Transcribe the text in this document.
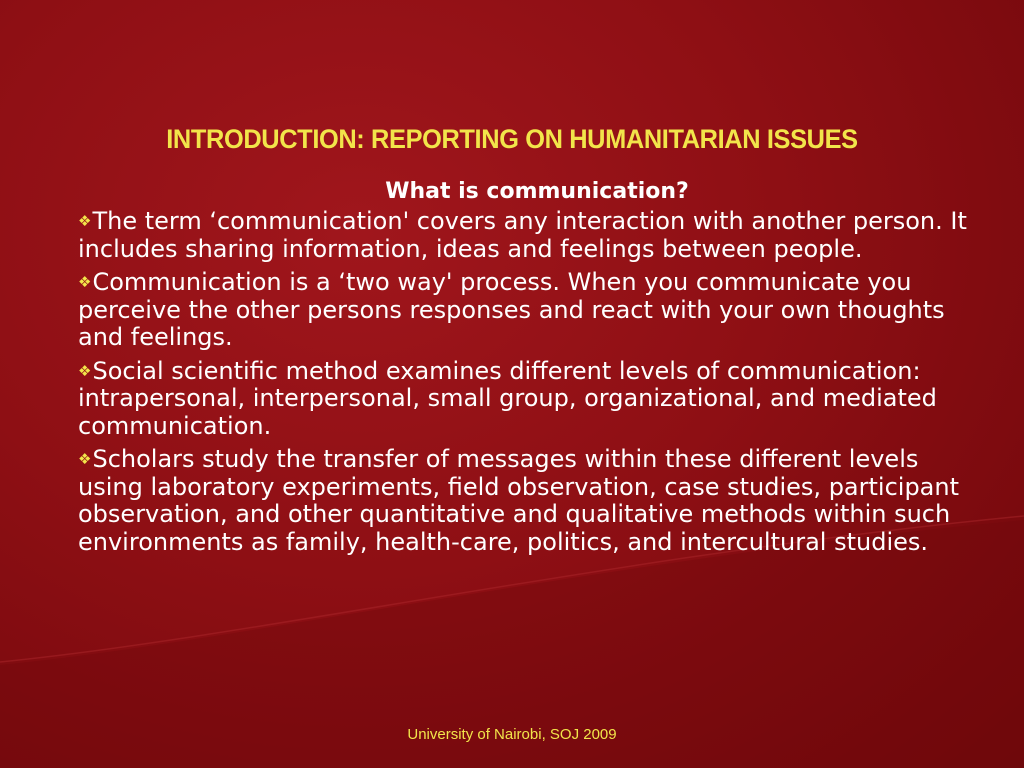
INTRODUCTION: REPORTING ON HUMANITARIAN ISSUES

What is communication?

❖The term ‘communication' covers any interaction with another person. It includes sharing information, ideas and feelings between people.
❖Communication is a ‘two way' process. When you communicate you perceive the other persons responses and react with your own thoughts and feelings.
❖Social scientific method examines different levels of communication: intrapersonal, interpersonal, small group, organizational, and mediated communication.
❖Scholars study the transfer of messages within these different levels using laboratory experiments, field observation, case studies, participant observation, and other quantitative and qualitative methods within such environments as family, health-care, politics, and intercultural studies.
University of Nairobi, SOJ 2009
